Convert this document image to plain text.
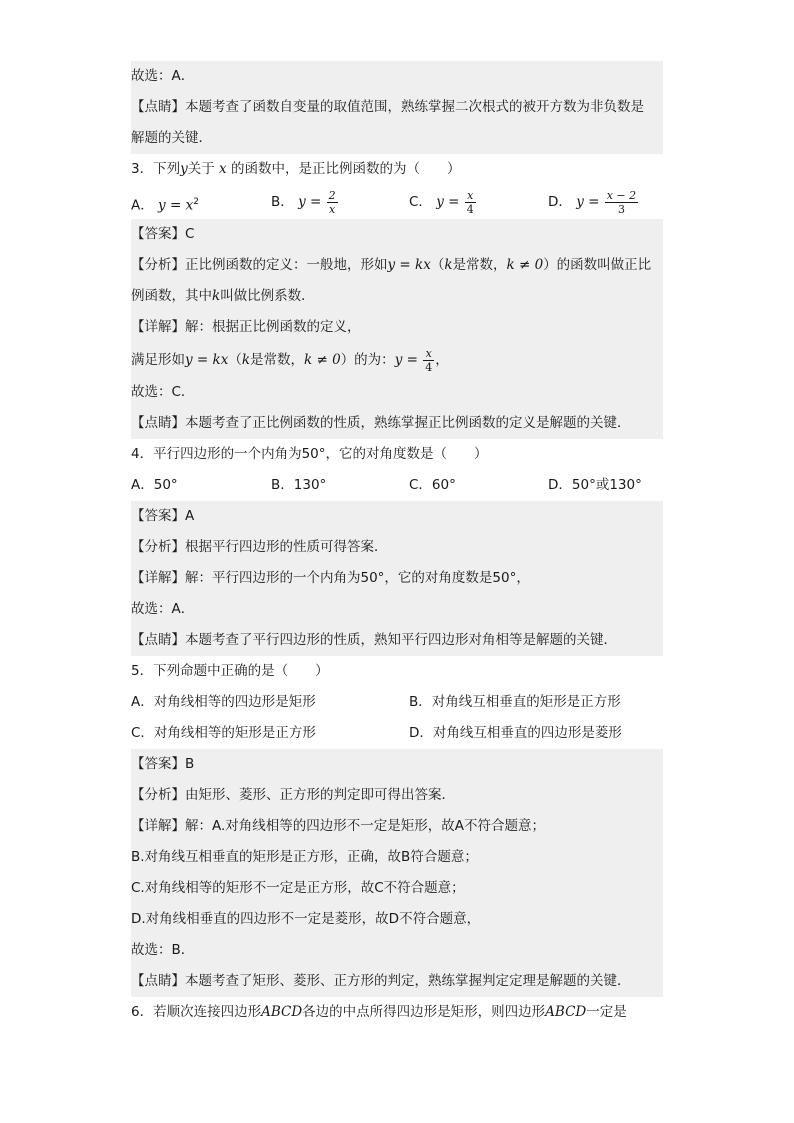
故选：A．
【点睛】本题考查了函数自变量的取值范围，熟练掌握二次根式的被开方数为非负数是
解题的关键．
3．下列y关于 x 的函数中，是正比例函数的为（　　）
A． $y = x^2$	B． $y = \frac{2}{x}$	C． $y = \frac{x}{4}$	D． $y = \frac{x - 2}{3}$
【答案】C
【分析】正比例函数的定义：一般地，形如y = kx（k是常数，k ≠ 0）的函数叫做正比
例函数，其中k叫做比例系数．
【详解】解：根据正比例函数的定义，
满足形如y = kx（k是常数，k ≠ 0）的为：$y = \frac{x}{4}$ ，
故选：C．
【点睛】本题考查了正比例函数的性质，熟练掌握正比例函数的定义是解题的关键．
4．平行四边形的一个内角为50°，它的对角度数是（　　）
A．50°	B．130°	C．60°	D．50°或130°
【答案】A
【分析】根据平行四边形的性质可得答案．
【详解】解：平行四边形的一个内角为50°，它的对角度数是50°，
故选：A．
【点睛】本题考查了平行四边形的性质，熟知平行四边形对角相等是解题的关键．
5．下列命题中正确的是（　　）
A．对角线相等的四边形是矩形	B．对角线互相垂直的矩形是正方形
C．对角线相等的矩形是正方形	D．对角线互相垂直的四边形是菱形
【答案】B
【分析】由矩形、菱形、正方形的判定即可得出答案．
【详解】解：A.对角线相等的四边形不一定是矩形，故A不符合题意；
B.对角线互相垂直的矩形是正方形，正确，故B符合题意；
C.对角线相等的矩形不一定是正方形，故C不符合题意；
D.对角线相垂直的四边形不一定是菱形，故D不符合题意，
故选：B．
【点睛】本题考查了矩形、菱形、正方形的判定，熟练掌握判定定理是解题的关键．
6．若顺次连接四边形ABCD各边的中点所得四边形是矩形，则四边形ABCD一定是
